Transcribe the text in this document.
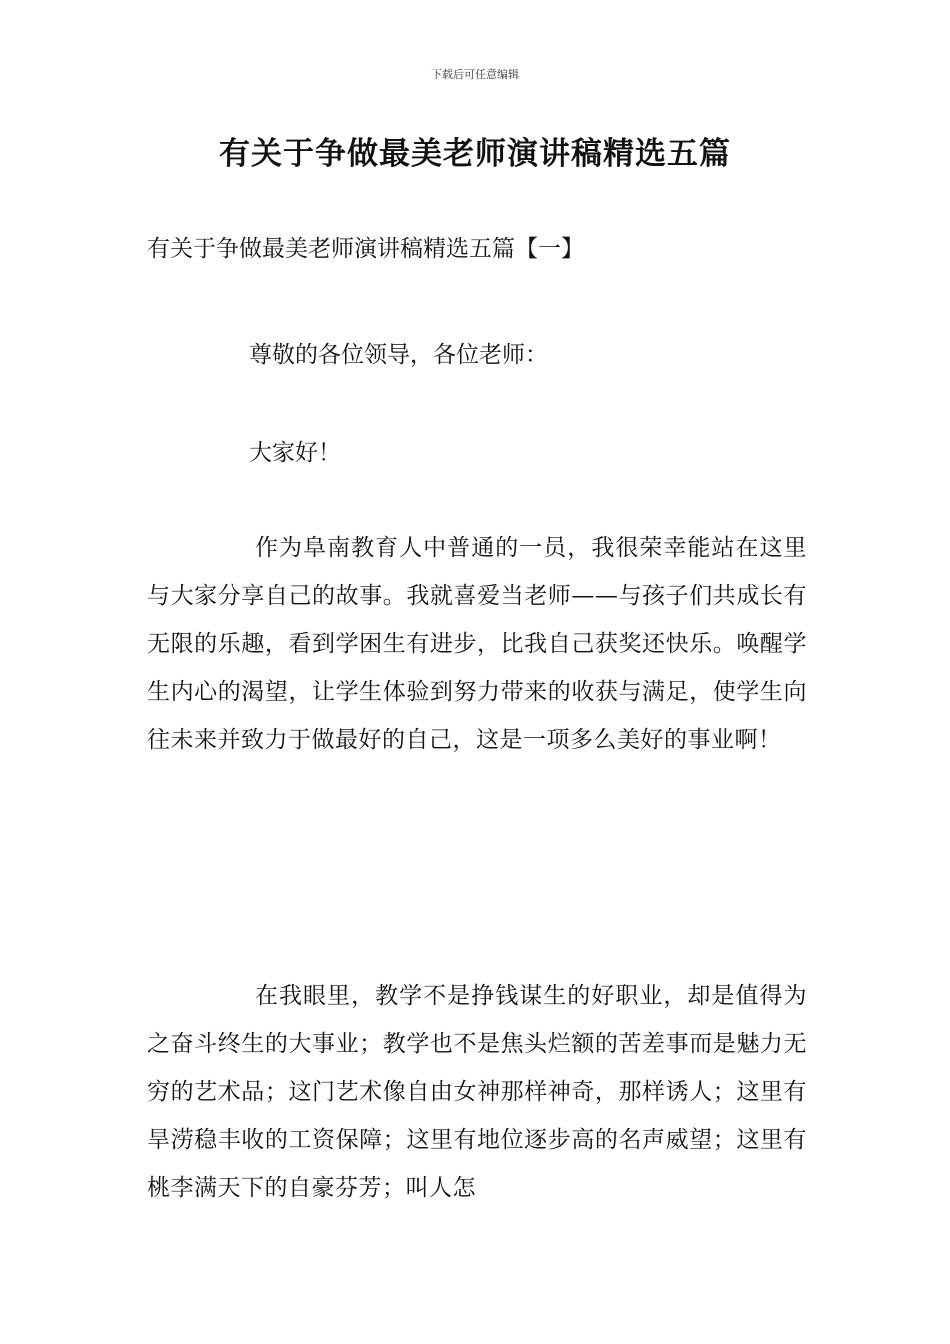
下载后可任意编辑
有关于争做最美老师演讲稿精选五篇
有关于争做最美老师演讲稿精选五篇【一】

尊敬的各位领导，各位老师：

大家好！

作为阜南教育人中普通的一员，我很荣幸能站在这里与大家分享自己的故事。我就喜爱当老师——与孩子们共成长有无限的乐趣，看到学困生有进步，比我自己获奖还快乐。唤醒学生内心的渴望，让学生体验到努力带来的收获与满足，使学生向往未来并致力于做最好的自己，这是一项多么美好的事业啊！

在我眼里，教学不是挣钱谋生的好职业，却是值得为之奋斗终生的大事业；教学也不是焦头烂额的苦差事而是魅力无穷的艺术品；这门艺术像自由女神那样神奇，那样诱人；这里有旱涝稳丰收的工资保障；这里有地位逐步高的名声威望；这里有桃李满天下的自豪芬芳；叫人怎
